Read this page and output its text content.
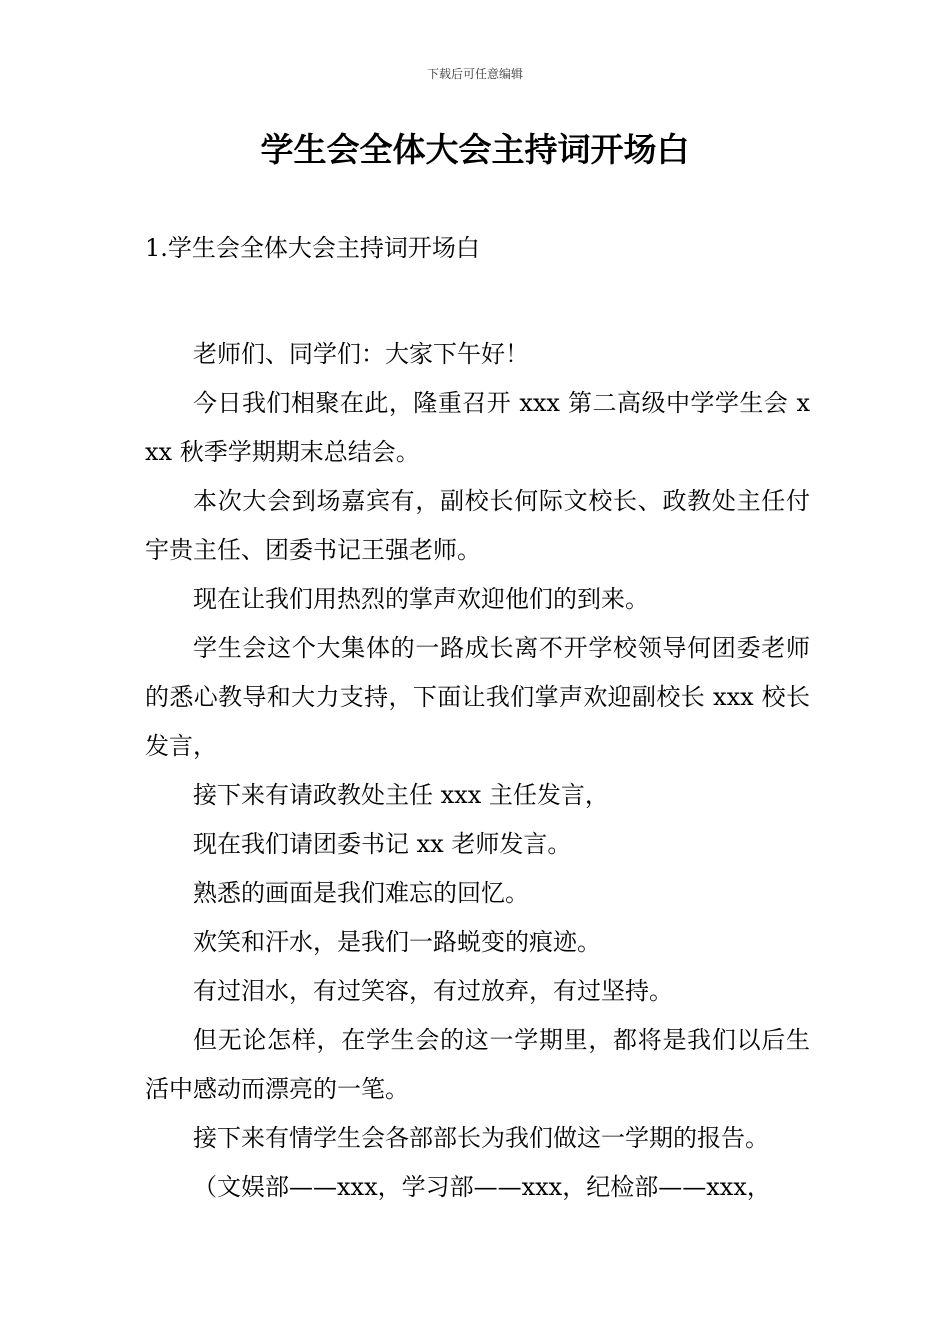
下载后可任意编辑
学生会全体大会主持词开场白
1.学生会全体大会主持词开场白

老师们、同学们：大家下午好！

今日我们相聚在此，隆重召开 xxx 第二高级中学学生会 xxx 秋季学期期末总结会。

本次大会到场嘉宾有，副校长何际文校长、政教处主任付宇贵主任、团委书记王强老师。

现在让我们用热烈的掌声欢迎他们的到来。

学生会这个大集体的一路成长离不开学校领导何团委老师的悉心教导和大力支持，下面让我们掌声欢迎副校长 xxx 校长发言，

接下来有请政教处主任 xxx 主任发言，

现在我们请团委书记 xx 老师发言。

熟悉的画面是我们难忘的回忆。

欢笑和汗水，是我们一路蜕变的痕迹。

有过泪水，有过笑容，有过放弃，有过坚持。

但无论怎样，在学生会的这一学期里，都将是我们以后生活中感动而漂亮的一笔。

接下来有情学生会各部部长为我们做这一学期的报告。

（文娱部——xxx，学习部——xxx，纪检部——xxx，
